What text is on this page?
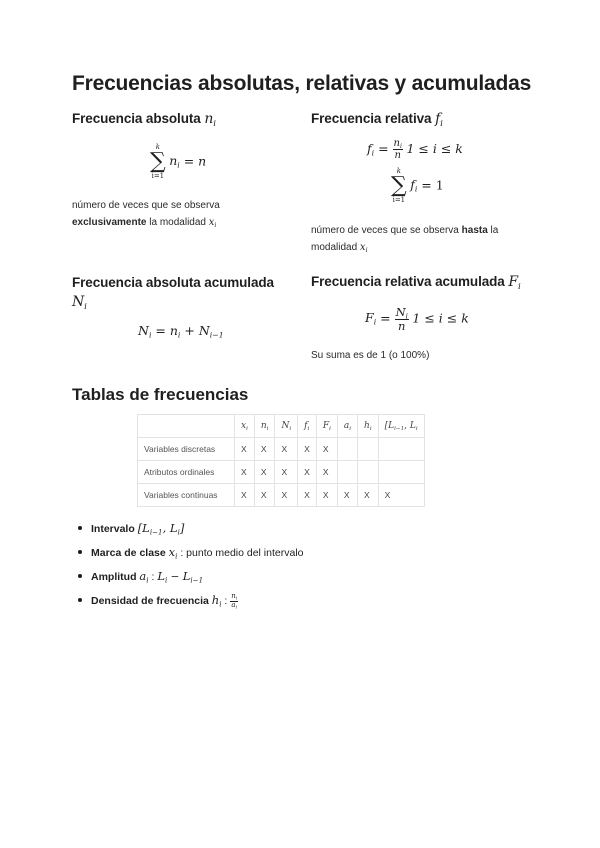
Frecuencias absolutas, relativas y acumuladas
Frecuencia absoluta $n_i$
k
∑
i=1
$n_i = n$
número de veces que se observa
exclusivamente la modalidad $x_i$
Frecuencia relativa $f_i$
$f_i = \frac{n_i}{n} 1 \le i \le k$
k
∑
i=1
$f_i = 1$
número de veces que se observa hasta la
modalidad $x_i$
Frecuencia absoluta acumulada
$N_i$
$N_i = n_i + N_{i-1}$
Frecuencia relativa acumulada $F_i$
$F_i = \frac{N_i}{n} 1 \le i \le k$
Su suma es de 1 (o 100%)
Tablas de frecuencias
	$x_i$	$n_i$	$N_i$	$f_i$	$F_i$	$a_i$	$h_i$	[$L_{i-1}$, $L_i$
Variables discretas	X	X	X	X	X			
Atributos ordinales	X	X	X	X	X			
Variables continuas	X	X	X	X	X	X	X	X
Intervalo [$L_{i-1}$, $L_i$]
Marca de clase $x_i$ : punto medio del intervalo
Amplitud $a_i$ : $L_i - L_{i-1}$
Densidad de frecuencia $h_i$ : $\frac{n_i}{a_i}$
